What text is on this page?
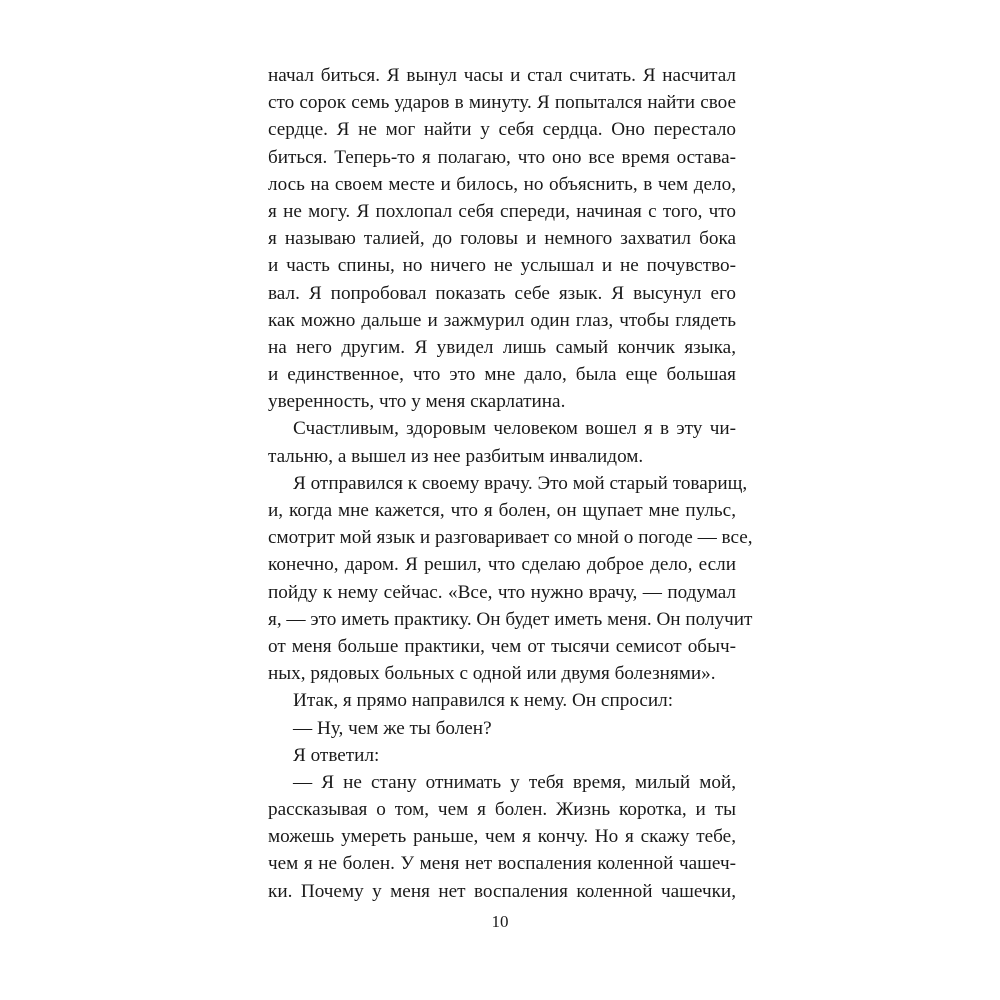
начал биться. Я вынул часы и стал считать. Я насчитал
сто сорок семь ударов в минуту. Я попытался найти свое
сердце. Я не мог найти у себя сердца. Оно перестало
биться. Теперь-то я полагаю, что оно все время остава-
лось на своем месте и билось, но объяснить, в чем дело,
я не могу. Я похлопал себя спереди, начиная с того, что
я называю талией, до головы и немного захватил бока
и часть спины, но ничего не услышал и не почувство-
вал. Я попробовал показать себе язык. Я высунул его
как можно дальше и зажмурил один глаз, чтобы глядеть
на него другим. Я увидел лишь самый кончик языка,
и единственное, что это мне дало, была еще большая
уверенность, что у меня скарлатина.
Счастливым, здоровым человеком вошел я в эту чи-
тальню, а вышел из нее разбитым инвалидом.
Я отправился к своему врачу. Это мой старый товарищ,
и, когда мне кажется, что я болен, он щупает мне пульс,
смотрит мой язык и разговаривает со мной о погоде — все,
конечно, даром. Я решил, что сделаю доброе дело, если
пойду к нему сейчас. «Все, что нужно врачу, — подумал
я, — это иметь практику. Он будет иметь меня. Он получит
от меня больше практики, чем от тысячи семисот обыч-
ных, рядовых больных с одной или двумя болезнями».
Итак, я прямо направился к нему. Он спросил:
— Ну, чем же ты болен?
Я ответил:
— Я не стану отнимать у тебя время, милый мой,
рассказывая о том, чем я болен. Жизнь коротка, и ты
можешь умереть раньше, чем я кончу. Но я скажу тебе,
чем я не болен. У меня нет воспаления коленной чашеч-
ки. Почему у меня нет воспаления коленной чашечки,
10
